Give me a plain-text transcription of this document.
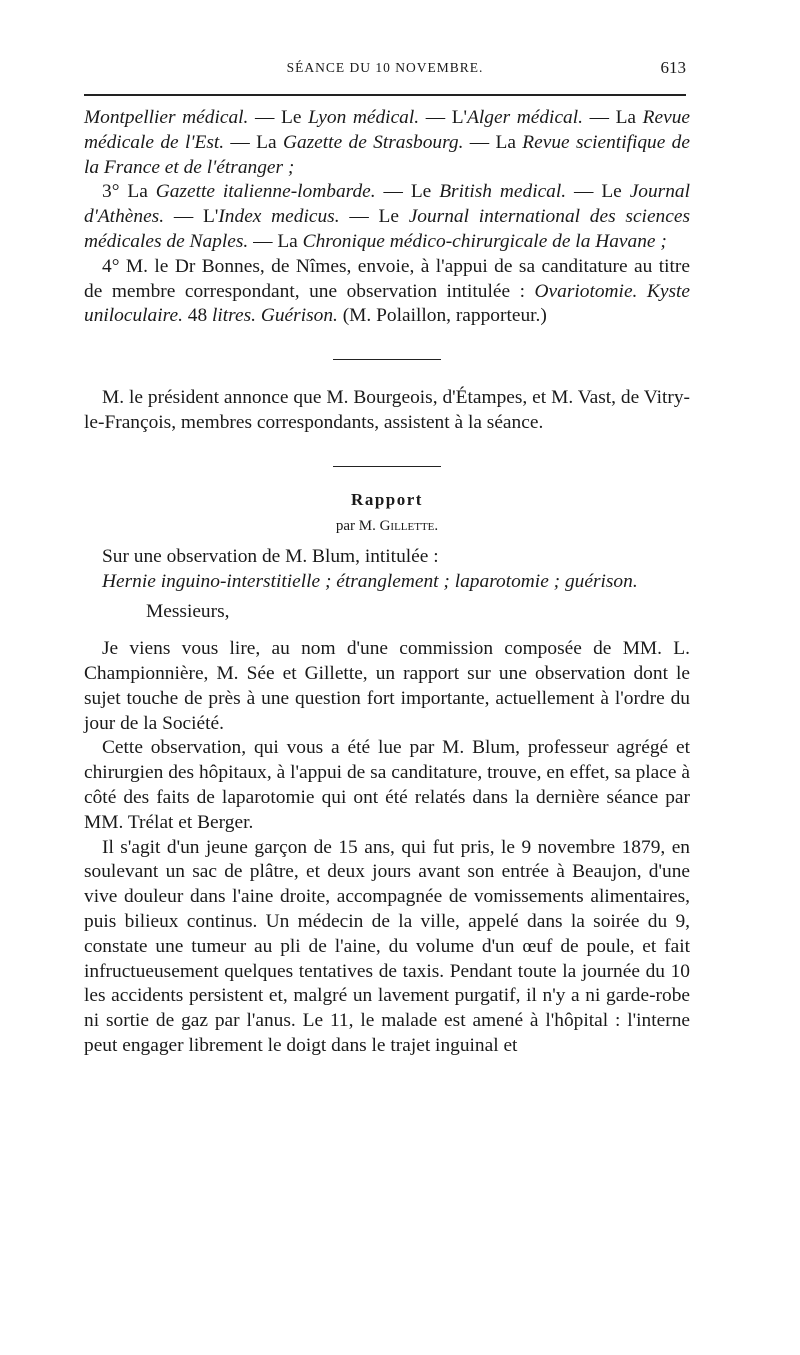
SÉANCE DU 10 NOVEMBRE.	613

Montpellier médical. — Le Lyon médical. — L'Alger médical. — La Revue médicale de l'Est. — La Gazette de Strasbourg. — La Revue scientifique de la France et de l'étranger ;

3° La Gazette italienne-lombarde. — Le British medical. — Le Journal d'Athènes. — L'Index medicus. — Le Journal international des sciences médicales de Naples. — La Chronique médico-chirurgicale de la Havane ;

4° M. le Dr Bonnes, de Nîmes, envoie, à l'appui de sa canditature au titre de membre correspondant, une observation intitulée : Ovariotomie. Kyste uniloculaire. 48 litres. Guérison. (M. Polaillon, rapporteur.)

M. le président annonce que M. Bourgeois, d'Étampes, et M. Vast, de Vitry-le-François, membres correspondants, assistent à la séance.

Rapport
par M. Gillette.

Sur une observation de M. Blum, intitulée :

Hernie inguino-interstitielle ; étranglement ; laparotomie ; guérison.

Messieurs,

Je viens vous lire, au nom d'une commission composée de MM. L. Championnière, M. Sée et Gillette, un rapport sur une observation dont le sujet touche de près à une question fort importante, actuellement à l'ordre du jour de la Société.

Cette observation, qui vous a été lue par M. Blum, professeur agrégé et chirurgien des hôpitaux, à l'appui de sa canditature, trouve, en effet, sa place à côté des faits de laparotomie qui ont été relatés dans la dernière séance par MM. Trélat et Berger.

Il s'agit d'un jeune garçon de 15 ans, qui fut pris, le 9 novembre 1879, en soulevant un sac de plâtre, et deux jours avant son entrée à Beaujon, d'une vive douleur dans l'aine droite, accompagnée de vomissements alimentaires, puis bilieux continus. Un médecin de la ville, appelé dans la soirée du 9, constate une tumeur au pli de l'aine, du volume d'un œuf de poule, et fait infructueusement quelques tentatives de taxis. Pendant toute la journée du 10 les accidents persistent et, malgré un lavement purgatif, il n'y a ni garde-robe ni sortie de gaz par l'anus. Le 11, le malade est amené à l'hôpital : l'interne peut engager librement le doigt dans le trajet inguinal et
